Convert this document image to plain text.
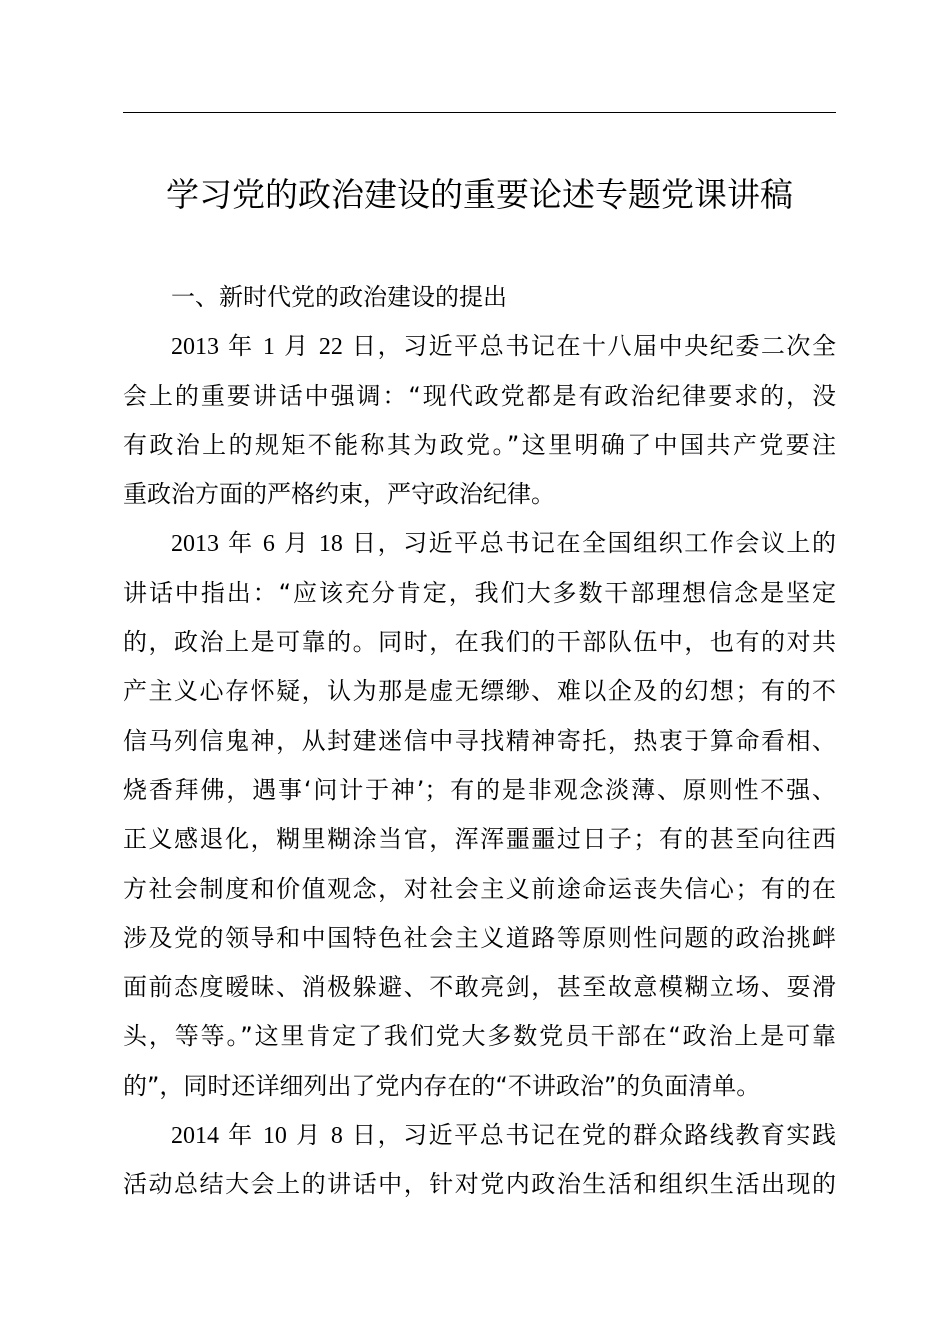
学习党的政治建设的重要论述专题党课讲稿
一、新时代党的政治建设的提出
2013 年 1 月 22 日，习近平总书记在十八届中央纪委二次全
会上的重要讲话中强调：“现代政党都是有政治纪律要求的，没
有政治上的规矩不能称其为政党。”这里明确了中国共产党要注
重政治方面的严格约束，严守政治纪律。
2013 年 6 月 18 日，习近平总书记在全国组织工作会议上的
讲话中指出：“应该充分肯定，我们大多数干部理想信念是坚定
的，政治上是可靠的。同时，在我们的干部队伍中，也有的对共
产主义心存怀疑，认为那是虚无缥缈、难以企及的幻想；有的不
信马列信鬼神，从封建迷信中寻找精神寄托，热衷于算命看相、
烧香拜佛，遇事‘问计于神’；有的是非观念淡薄、原则性不强、
正义感退化，糊里糊涂当官，浑浑噩噩过日子；有的甚至向往西
方社会制度和价值观念，对社会主义前途命运丧失信心；有的在
涉及党的领导和中国特色社会主义道路等原则性问题的政治挑衅
面前态度暧昧、消极躲避、不敢亮剑，甚至故意模糊立场、耍滑
头，等等。”这里肯定了我们党大多数党员干部在“政治上是可靠
的”，同时还详细列出了党内存在的“不讲政治”的负面清单。
2014 年 10 月 8 日，习近平总书记在党的群众路线教育实践
活动总结大会上的讲话中，针对党内政治生活和组织生活出现的
